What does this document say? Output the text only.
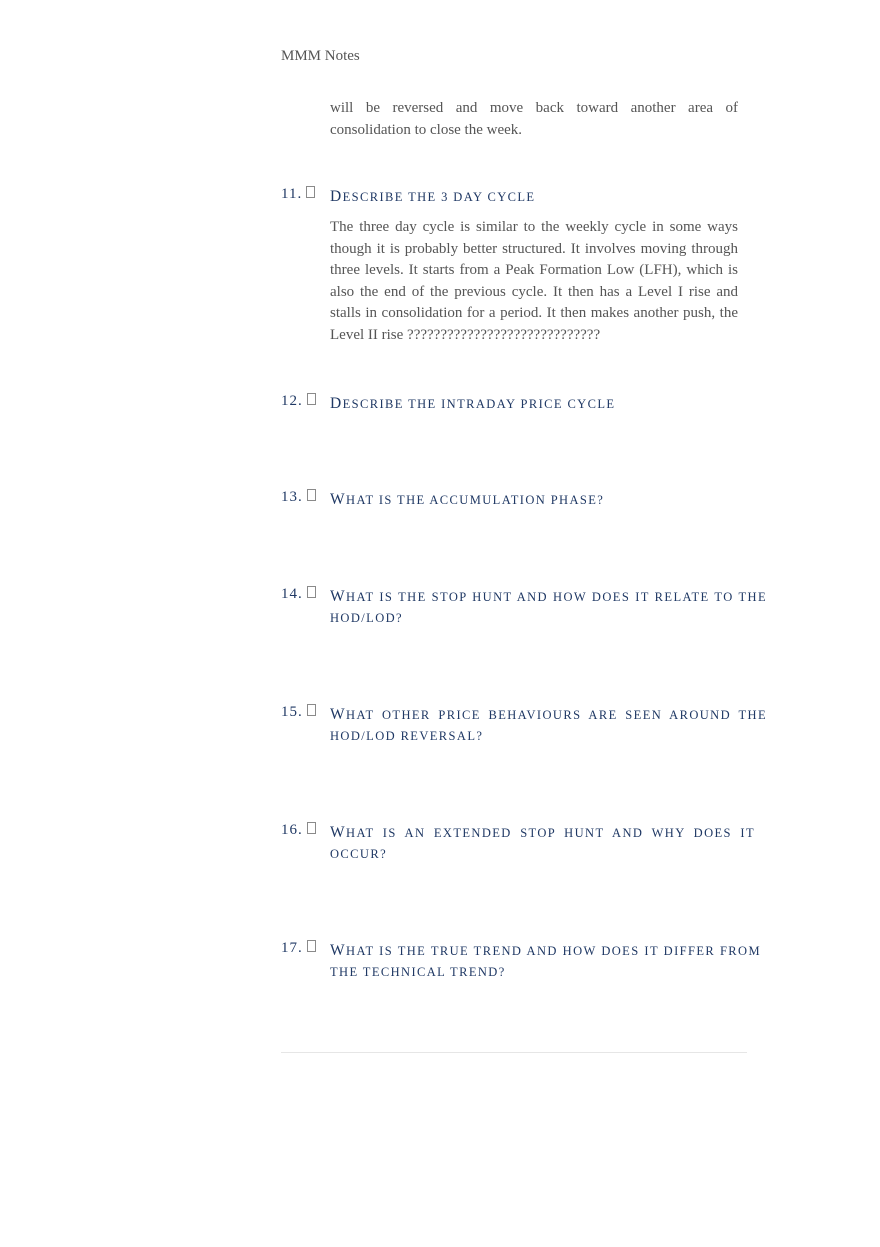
MMM Notes

will be reversed and move back toward another area of consolidation to close the week.

11.	DESCRIBE THE 3 DAY CYCLE

The three day cycle is similar to the weekly cycle in some ways though it is probably better structured. It involves moving through three levels. It starts from a Peak Formation Low (LFH), which is also the end of the previous cycle. It then has a Level I rise and stalls in consolidation for a period. It then makes another push, the Level II rise ?????????????????????????????

12.	DESCRIBE THE INTRADAY PRICE CYCLE
13.	WHAT IS THE ACCUMULATION PHASE?
14.	WHAT IS THE STOP HUNT AND HOW DOES IT RELATE TO THE HOD/LOD?
15.	WHAT OTHER PRICE BEHAVIOURS ARE SEEN AROUND THE HOD/LOD REVERSAL?
16.	WHAT IS AN EXTENDED STOP HUNT AND WHY DOES IT OCCUR?
17.	WHAT IS THE TRUE TREND AND HOW DOES IT DIFFER FROM THE TECHNICAL TREND?
